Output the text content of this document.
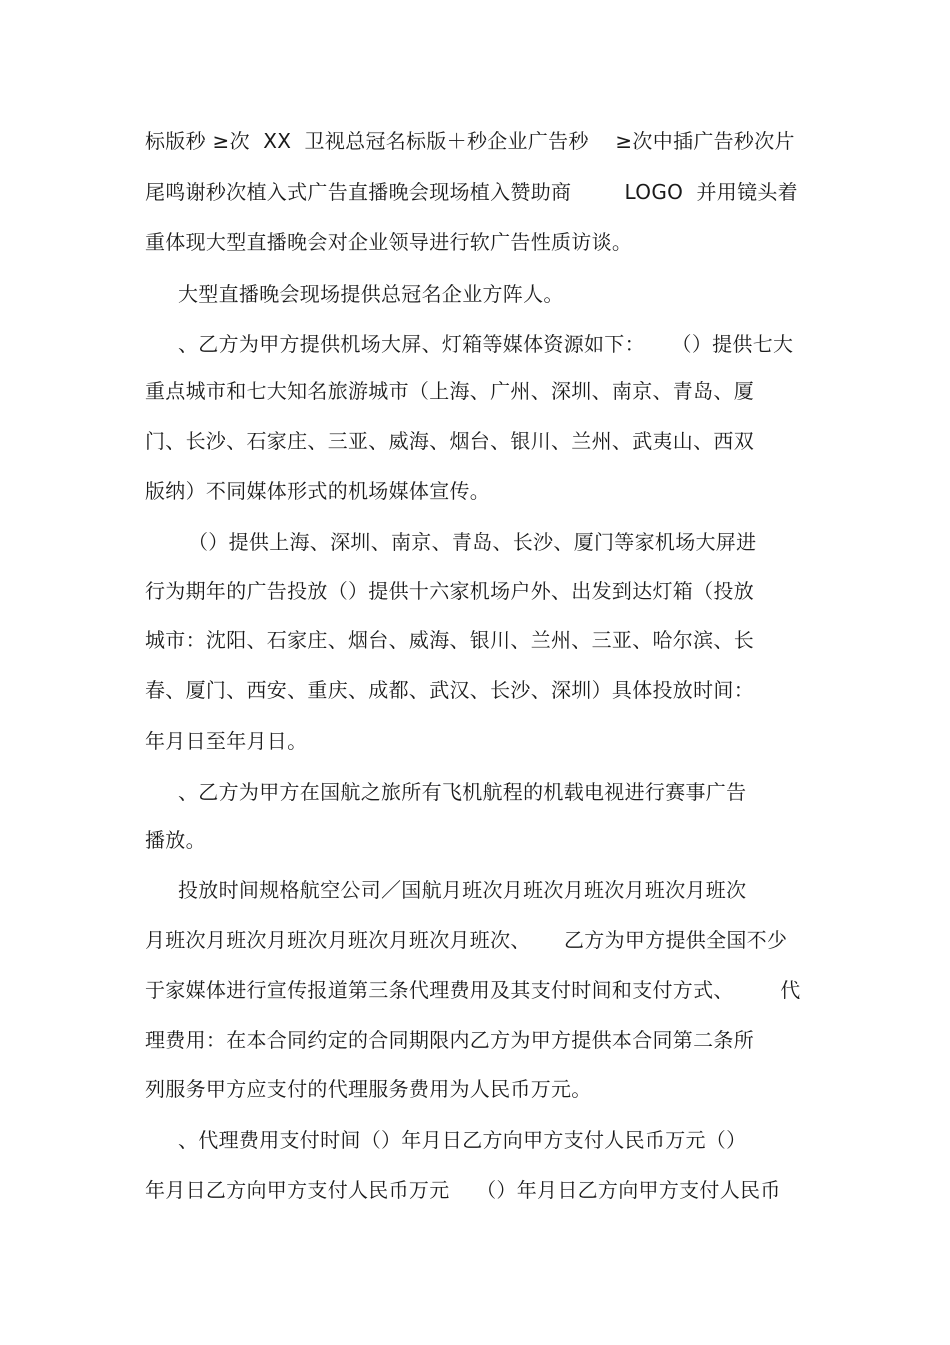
标版秒 ≥次  XX  卫视总冠名标版＋秒企业广告秒    ≥次中插广告秒次片
尾鸣谢秒次植入式广告直播晚会现场植入赞助商        LOGO  并用镜头着
重体现大型直播晚会对企业领导进行软广告性质访谈。
大型直播晚会现场提供总冠名企业方阵人。
、乙方为甲方提供机场大屏、灯箱等媒体资源如下：    （）提供七大
重点城市和七大知名旅游城市（上海、广州、深圳、南京、青岛、厦
门、长沙、石家庄、三亚、威海、烟台、银川、兰州、武夷山、西双
版纳）不同媒体形式的机场媒体宣传。
（）提供上海、深圳、南京、青岛、长沙、厦门等家机场大屏进
行为期年的广告投放（）提供十六家机场户外、出发到达灯箱（投放
城市：沈阳、石家庄、烟台、威海、银川、兰州、三亚、哈尔滨、长
春、厦门、西安、重庆、成都、武汉、长沙、深圳）具体投放时间：
年月日至年月日。
、乙方为甲方在国航之旅所有飞机航程的机载电视进行赛事广告
播放。
投放时间规格航空公司／国航月班次月班次月班次月班次月班次
月班次月班次月班次月班次月班次月班次、     乙方为甲方提供全国不少
于家媒体进行宣传报道第三条代理费用及其支付时间和支付方式、       代
理费用：在本合同约定的合同期限内乙方为甲方提供本合同第二条所
列服务甲方应支付的代理服务费用为人民币万元。
、代理费用支付时间（）年月日乙方向甲方支付人民币万元（）
年月日乙方向甲方支付人民币万元    （）年月日乙方向甲方支付人民币
